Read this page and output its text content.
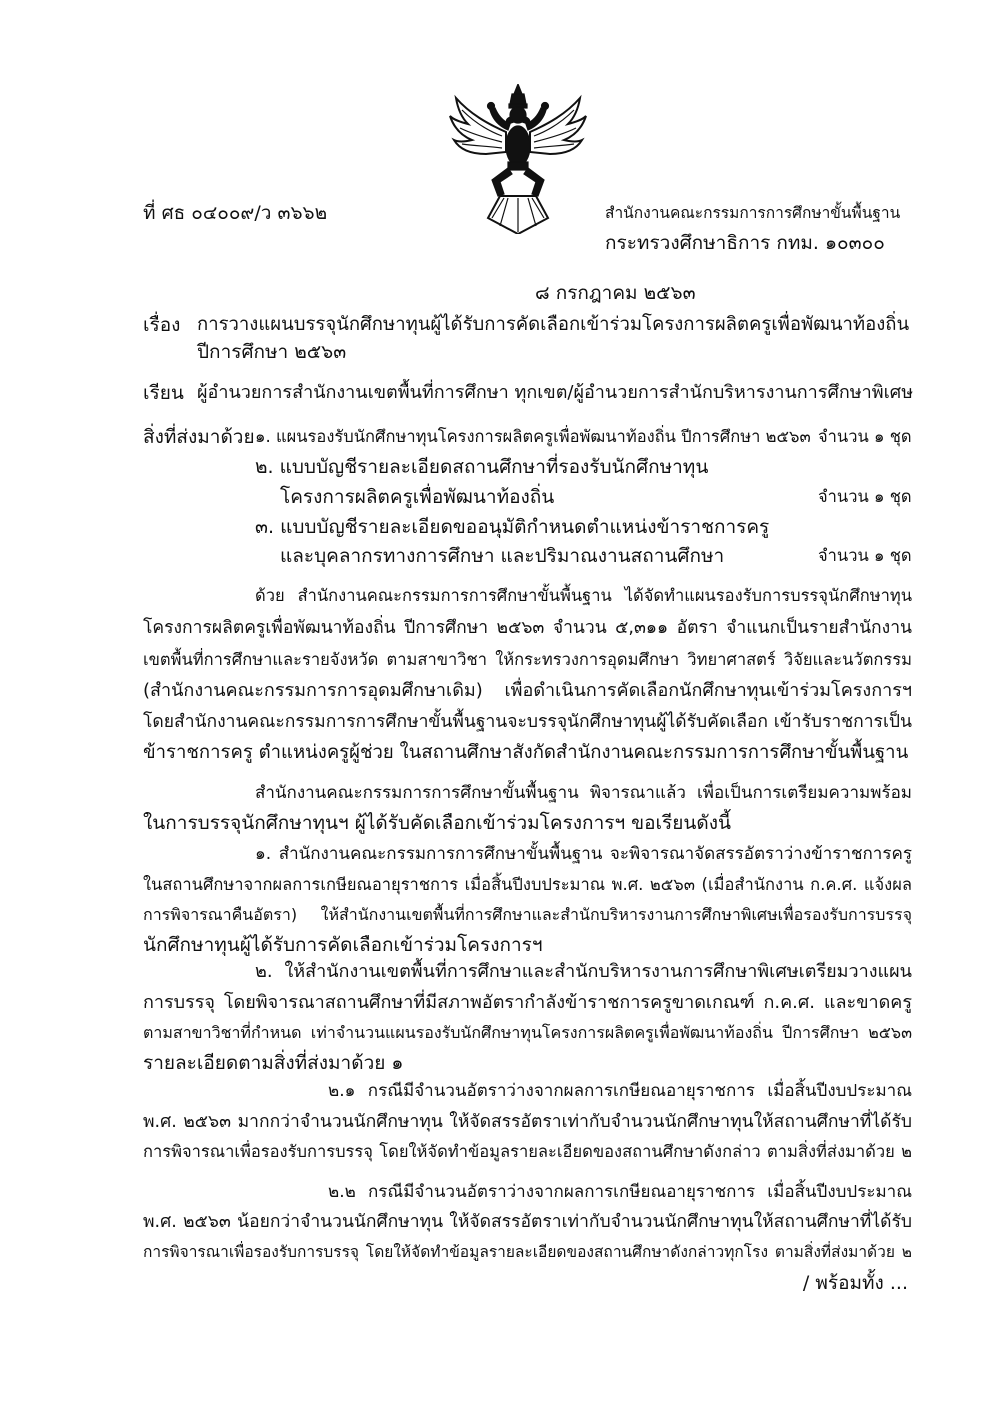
ที่ ศธ ๐๔๐๐๙/ว ๓๖๖๒	สำนักงานคณะกรรมการการศึกษาขั้นพื้นฐาน
กระทรวงศึกษาธิการ กทม. ๑๐๓๐๐
๘ กรกฎาคม ๒๕๖๓
เรื่อง การวางแผนบรรจุนักศึกษาทุนผู้ได้รับการคัดเลือกเข้าร่วมโครงการผลิตครูเพื่อพัฒนาท้องถิ่น
ปีการศึกษา ๒๕๖๓
เรียน ผู้อำนวยการสำนักงานเขตพื้นที่การศึกษา ทุกเขต/ผู้อำนวยการสำนักบริหารงานการศึกษาพิเศษ
สิ่งที่ส่งมาด้วย ๑. แผนรองรับนักศึกษาทุนโครงการผลิตครูเพื่อพัฒนาท้องถิ่น ปีการศึกษา ๒๕๖๓ จำนวน ๑ ชุด
๒. แบบบัญชีรายละเอียดสถานศึกษาที่รองรับนักศึกษาทุน
โครงการผลิตครูเพื่อพัฒนาท้องถิ่น	จำนวน ๑ ชุด
๓. แบบบัญชีรายละเอียดขออนุมัติกำหนดตำแหน่งข้าราชการครู
และบุคลากรทางการศึกษา และปริมาณงานสถานศึกษา	จำนวน ๑ ชุด
ด้วย สำนักงานคณะกรรมการการศึกษาขั้นพื้นฐาน ได้จัดทำแผนรองรับการบรรจุนักศึกษาทุน
โครงการผลิตครูเพื่อพัฒนาท้องถิ่น ปีการศึกษา ๒๕๖๓ จำนวน ๕,๓๑๑ อัตรา จำแนกเป็นรายสำนักงาน
เขตพื้นที่การศึกษาและรายจังหวัด ตามสาขาวิชา ให้กระทรวงการอุดมศึกษา วิทยาศาสตร์ วิจัยและนวัตกรรม
(สำนักงานคณะกรรมการการอุดมศึกษาเดิม) เพื่อดำเนินการคัดเลือกนักศึกษาทุนเข้าร่วมโครงการฯ
โดยสำนักงานคณะกรรมการการศึกษาขั้นพื้นฐานจะบรรจุนักศึกษาทุนผู้ได้รับคัดเลือก เข้ารับราชการเป็น
ข้าราชการครู ตำแหน่งครูผู้ช่วย ในสถานศึกษาสังกัดสำนักงานคณะกรรมการการศึกษาขั้นพื้นฐาน
สำนักงานคณะกรรมการการศึกษาขั้นพื้นฐาน พิจารณาแล้ว เพื่อเป็นการเตรียมความพร้อม
ในการบรรจุนักศึกษาทุนฯ ผู้ได้รับคัดเลือกเข้าร่วมโครงการฯ ขอเรียนดังนี้
๑. สำนักงานคณะกรรมการการศึกษาขั้นพื้นฐาน จะพิจารณาจัดสรรอัตราว่างข้าราชการครู
ในสถานศึกษาจากผลการเกษียณอายุราชการ เมื่อสิ้นปีงบประมาณ พ.ศ. ๒๕๖๓ (เมื่อสำนักงาน ก.ค.ศ. แจ้งผล
การพิจารณาคืนอัตรา) ให้สำนักงานเขตพื้นที่การศึกษาและสำนักบริหารงานการศึกษาพิเศษเพื่อรองรับการบรรจุ
นักศึกษาทุนผู้ได้รับการคัดเลือกเข้าร่วมโครงการฯ
๒. ให้สำนักงานเขตพื้นที่การศึกษาและสำนักบริหารงานการศึกษาพิเศษเตรียมวางแผน
การบรรจุ โดยพิจารณาสถานศึกษาที่มีสภาพอัตรากำลังข้าราชการครูขาดเกณฑ์ ก.ค.ศ. และขาดครู
ตามสาขาวิชาที่กำหนด เท่าจำนวนแผนรองรับนักศึกษาทุนโครงการผลิตครูเพื่อพัฒนาท้องถิ่น ปีการศึกษา ๒๕๖๓
รายละเอียดตามสิ่งที่ส่งมาด้วย ๑
๒.๑ กรณีมีจำนวนอัตราว่างจากผลการเกษียณอายุราชการ เมื่อสิ้นปีงบประมาณ
พ.ศ. ๒๕๖๓ มากกว่าจำนวนนักศึกษาทุน ให้จัดสรรอัตราเท่ากับจำนวนนักศึกษาทุนให้สถานศึกษาที่ได้รับ
การพิจารณาเพื่อรองรับการบรรจุ โดยให้จัดทำข้อมูลรายละเอียดของสถานศึกษาดังกล่าว ตามสิ่งที่ส่งมาด้วย ๒
๒.๒ กรณีมีจำนวนอัตราว่างจากผลการเกษียณอายุราชการ เมื่อสิ้นปีงบประมาณ
พ.ศ. ๒๕๖๓ น้อยกว่าจำนวนนักศึกษาทุน ให้จัดสรรอัตราเท่ากับจำนวนนักศึกษาทุนให้สถานศึกษาที่ได้รับ
การพิจารณาเพื่อรองรับการบรรจุ โดยให้จัดทำข้อมูลรายละเอียดของสถานศึกษาดังกล่าวทุกโรง ตามสิ่งที่ส่งมาด้วย ๒
/ พร้อมทั้ง ...
